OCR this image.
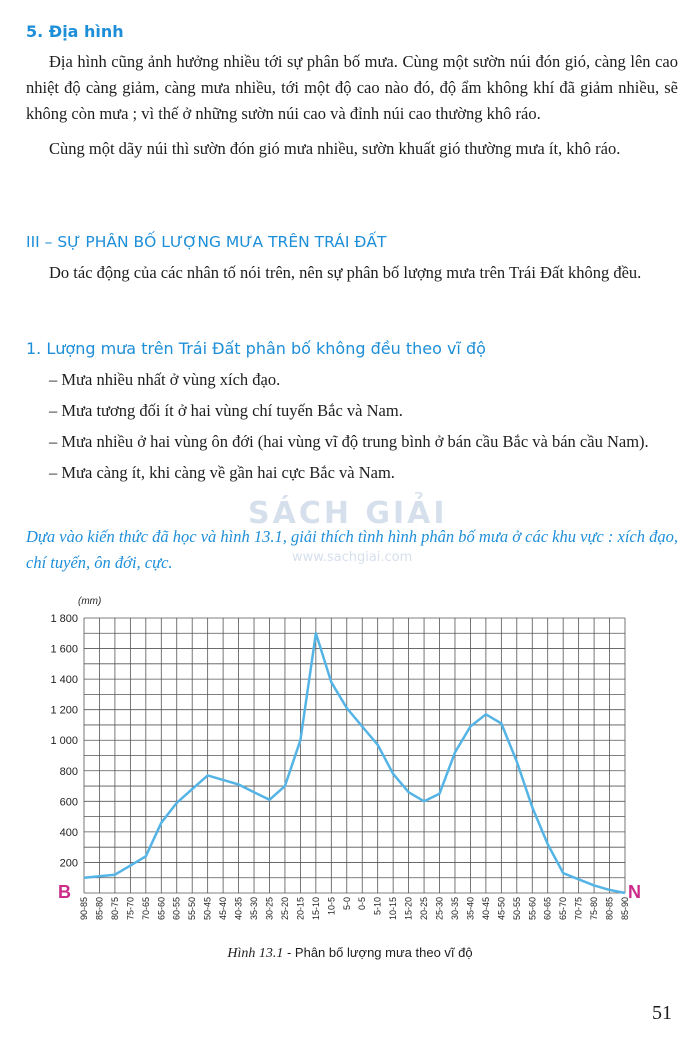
5. Địa hình

Địa hình cũng ảnh hưởng nhiều tới sự phân bố mưa. Cùng một sườn núi đón gió, càng lên cao nhiệt độ càng giảm, càng mưa nhiều, tới một độ cao nào đó, độ ẩm không khí đã giảm nhiều, sẽ không còn mưa ; vì thế ở những sườn núi cao và đỉnh núi cao thường khô ráo.

Cùng một dãy núi thì sườn đón gió mưa nhiều, sườn khuất gió thường mưa ít, khô ráo.

III – SỰ PHÂN BỐ LƯỢNG MƯA TRÊN TRÁI ĐẤT

Do tác động của các nhân tố nói trên, nên sự phân bố lượng mưa trên Trái Đất không đều.

1. Lượng mưa trên Trái Đất phân bố không đều theo vĩ độ

– Mưa nhiều nhất ở vùng xích đạo.

– Mưa tương đối ít ở hai vùng chí tuyến Bắc và Nam.

– Mưa nhiều ở hai vùng ôn đới (hai vùng vĩ độ trung bình ở bán cầu Bắc và bán cầu Nam).

– Mưa càng ít, khi càng về gần hai cực Bắc và Nam.

Dựa vào kiến thức đã học và hình 13.1, giải thích tình hình phân bố mưa ở các khu vực : xích đạo, chí tuyến, ôn đới, cực.
SÁCH GIẢI
www.sachgiai.com
(mm)
1 800
1 600
1 400
1 200
1 000
800
600
400
200
90-85 85-80 80-75 75-70 70-65 65-60 60-55 55-50 50-45 45-40 40-35 35-30 30-25 25-20 20-15 15-10 10-5 5-0 0-5 5-10 10-15 15-20 20-25 25-30 30-35 35-40 40-45 45-50 50-55 55-60 60-65 65-70 70-75 75-80 80-85 85-90
B	N
Hình 13.1 - Phân bố lượng mưa theo vĩ độ
51
